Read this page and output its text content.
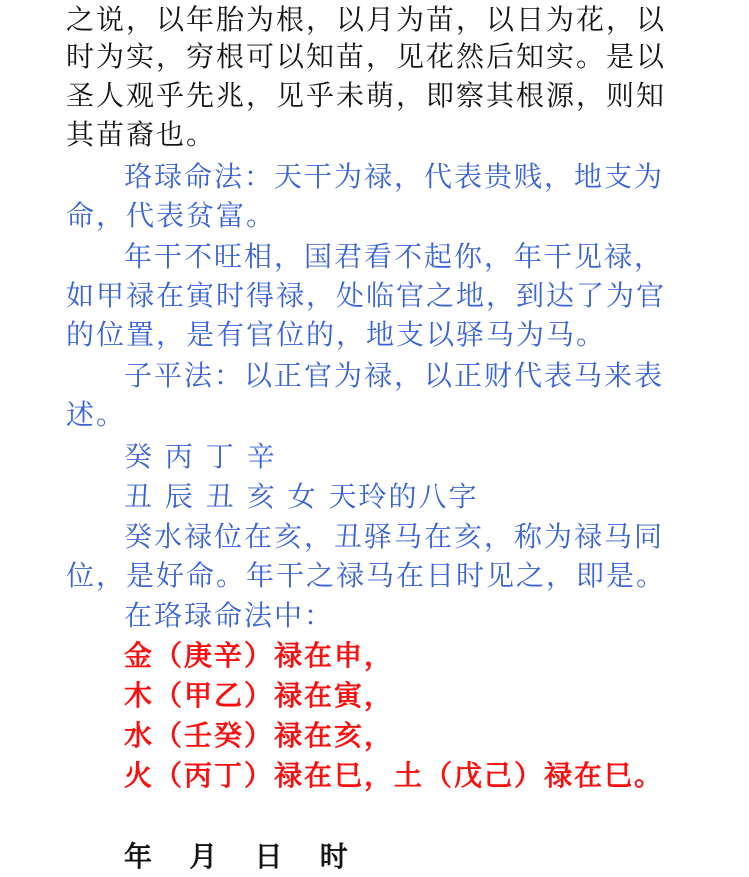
之说，以年胎为根，以月为苗，以日为花，以
时为实，穷根可以知苗，见花然后知实。是以
圣人观乎先兆，见乎未萌，即察其根源，则知
其苗裔也。
珞琭命法：天干为禄，代表贵贱，地支为
命，代表贫富。
年干不旺相，国君看不起你，年干见禄，
如甲禄在寅时得禄，处临官之地，到达了为官
的位置，是有官位的，地支以驿马为马。
子平法：以正官为禄，以正财代表马来表
述。
癸 丙 丁 辛
丑 辰 丑 亥 女 天玲的八字
癸水禄位在亥，丑驿马在亥，称为禄马同
位，是好命。年干之禄马在日时见之，即是。
在珞琭命法中：
金（庚辛）禄在申，
木（甲乙）禄在寅，
水（壬癸）禄在亥，
火（丙丁）禄在巳，土（戊己）禄在巳。
年   月   日   时
